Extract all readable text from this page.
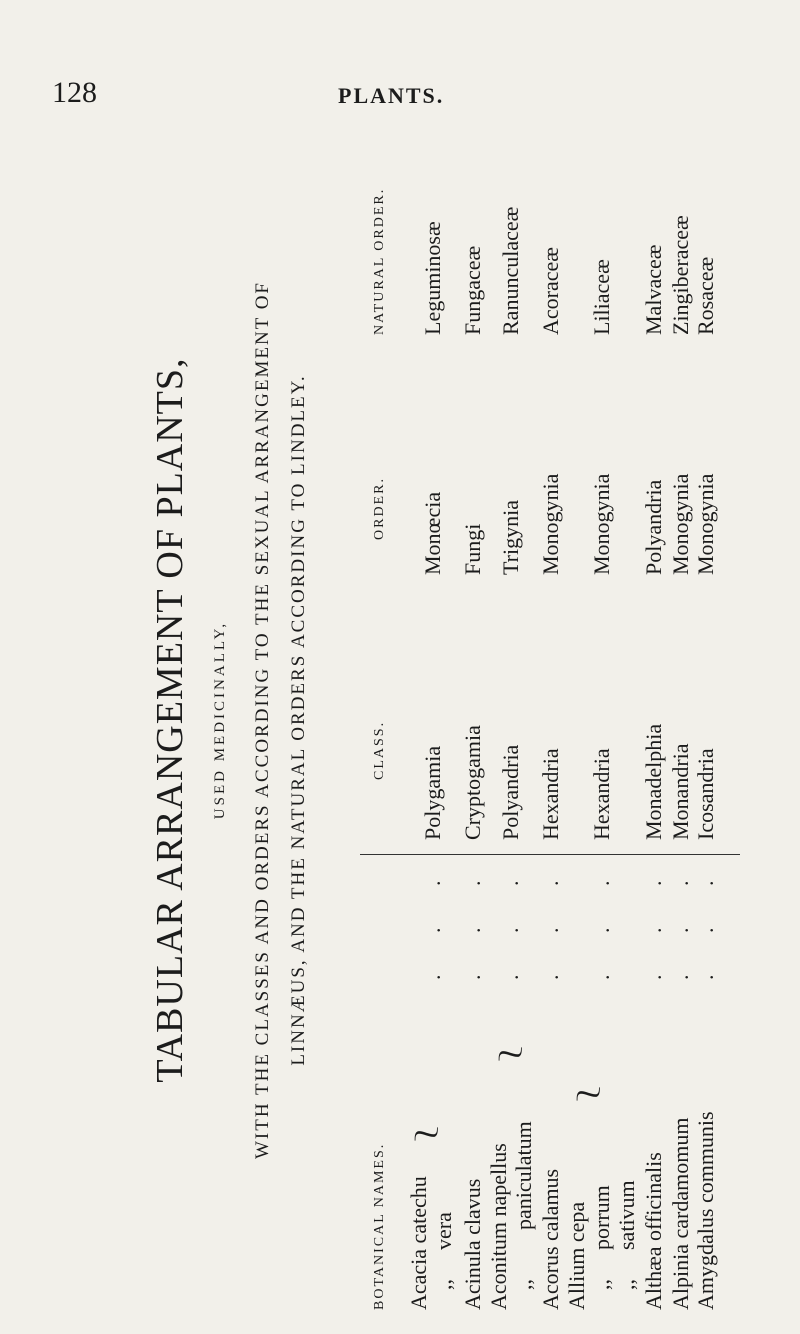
128	PLANTS.
TABULAR ARRANGEMENT OF PLANTS, USED MEDICINALLY, WITH THE CLASSES AND ORDERS ACCORDING TO THE SEXUAL ARRANGEMENT OF LINNÆUS, AND THE NATURAL ORDERS ACCORDING TO LINDLEY.
BOTANICAL NAMES.
CLASS.
ORDER.
NATURAL ORDER.
Acacia catechu
⎱
,,
vera Acinula clavus Aconitum napellus
⎱
,,
paniculatum Acorus calamus Allium cepa
⎱
,,
porrum
,,
sativum Althæa officinalis Alpinia cardamomum Amygdalus communis
. . . . . . . . . . . . . . . . . . . . . . . .
Polygamia Cryptogamia Polyandria Hexandria Hexandria Monadelphia Monandria Icosandria
Monœcia Fungi Trigynia Monogynia Monogynia Polyandria Monogynia Monogynia
Leguminosæ Fungaceæ Ranunculaceæ Acoraceæ Liliaceæ Malvaceæ Zingiberaceæ Rosaceæ
